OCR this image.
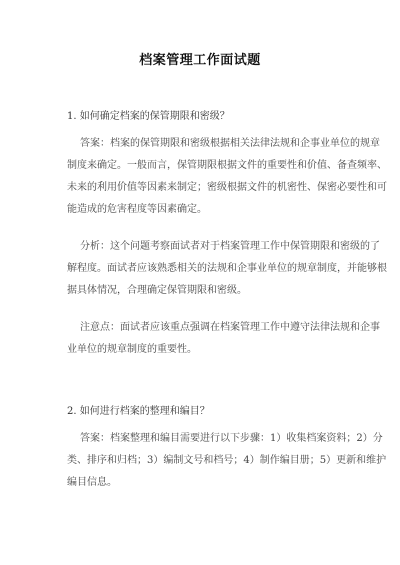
档案管理工作面试题
1. 如何确定档案的保管期限和密级？
答案：档案的保管期限和密级根据相关法律法规和企事业单位的规章
制度来确定。一般而言，保管期限根据文件的重要性和价值、备查频率、
未来的利用价值等因素来制定；密级根据文件的机密性、保密必要性和可
能造成的危害程度等因素确定。
分析：这个问题考察面试者对于档案管理工作中保管期限和密级的了
解程度。面试者应该熟悉相关的法规和企事业单位的规章制度，并能够根
据具体情况，合理确定保管期限和密级。
注意点：面试者应该重点强调在档案管理工作中遵守法律法规和企事
业单位的规章制度的重要性。
2. 如何进行档案的整理和编目？
答案：档案整理和编目需要进行以下步骤：1）收集档案资料；2）分
类、排序和归档；3）编制文号和档号；4）制作编目册；5）更新和维护
编目信息。
